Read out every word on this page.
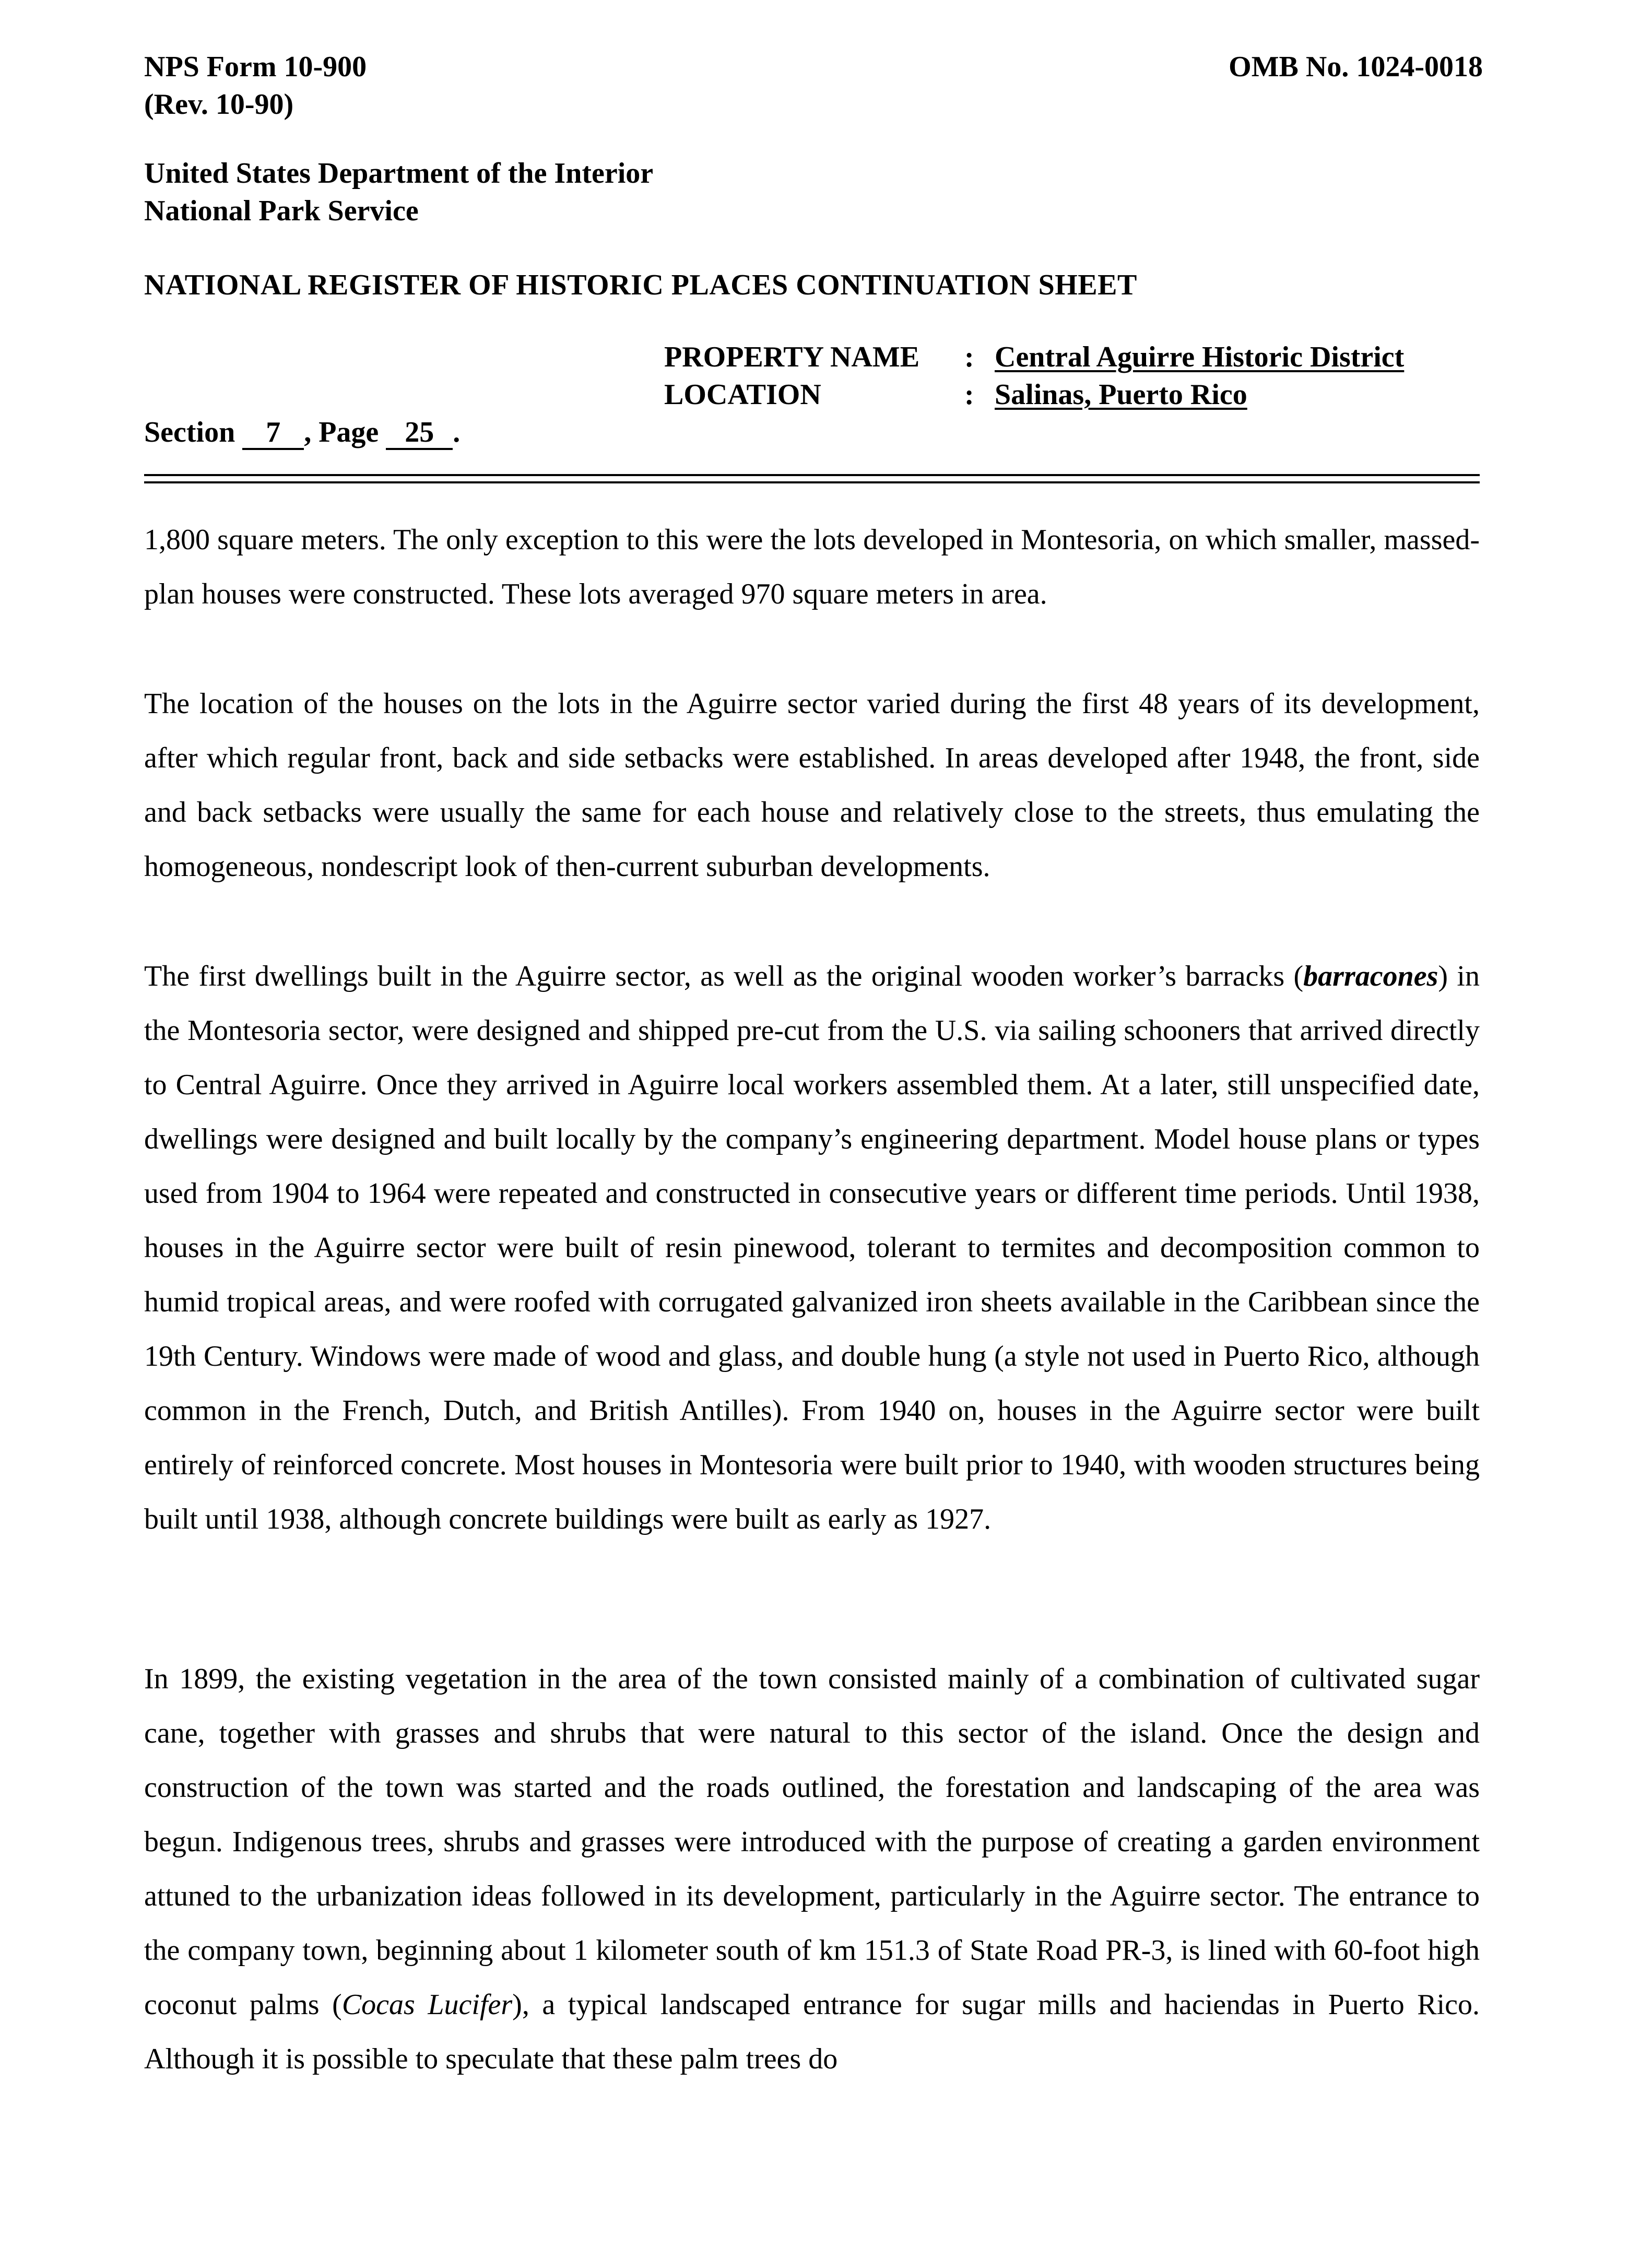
NPS Form 10-900
(Rev. 10-90)
OMB No. 1024-0018
United States Department of the Interior
National Park Service
NATIONAL REGISTER OF HISTORIC PLACES CONTINUATION SHEET
PROPERTY NAME : Central Aguirre Historic District
LOCATION	: Salinas, Puerto Rico
Section 7 , Page 25 .

1,800 square meters. The only exception to this were the lots developed in Montesoria, on which smaller, massed-plan houses were constructed. These lots averaged 970 square meters in area.

The location of the houses on the lots in the Aguirre sector varied during the first 48 years of its development, after which regular front, back and side setbacks were established. In areas developed after 1948, the front, side and back setbacks were usually the same for each house and relatively close to the streets, thus emulating the homogeneous, nondescript look of then-current suburban developments.

The first dwellings built in the Aguirre sector, as well as the original wooden worker’s barracks (barracones) in the Montesoria sector, were designed and shipped pre-cut from the U.S. via sailing schooners that arrived directly to Central Aguirre. Once they arrived in Aguirre local workers assembled them. At a later, still unspecified date, dwellings were designed and built locally by the company’s engineering department. Model house plans or types used from 1904 to 1964 were repeated and constructed in consecutive years or different time periods. Until 1938, houses in the Aguirre sector were built of resin pinewood, tolerant to termites and decomposition common to humid tropical areas, and were roofed with corrugated galvanized iron sheets available in the Caribbean since the 19th Century. Windows were made of wood and glass, and double hung (a style not used in Puerto Rico, although common in the French, Dutch, and British Antilles). From 1940 on, houses in the Aguirre sector were built entirely of reinforced concrete. Most houses in Montesoria were built prior to 1940, with wooden structures being built until 1938, although concrete buildings were built as early as 1927.

In 1899, the existing vegetation in the area of the town consisted mainly of a combination of cultivated sugar cane, together with grasses and shrubs that were natural to this sector of the island. Once the design and construction of the town was started and the roads outlined, the forestation and landscaping of the area was begun. Indigenous trees, shrubs and grasses were introduced with the purpose of creating a garden environment attuned to the urbanization ideas followed in its development, particularly in the Aguirre sector. The entrance to the company town, beginning about 1 kilometer south of km 151.3 of State Road PR-3, is lined with 60-foot high coconut palms (Cocas Lucifer), a typical landscaped entrance for sugar mills and haciendas in Puerto Rico. Although it is possible to speculate that these palm trees do
